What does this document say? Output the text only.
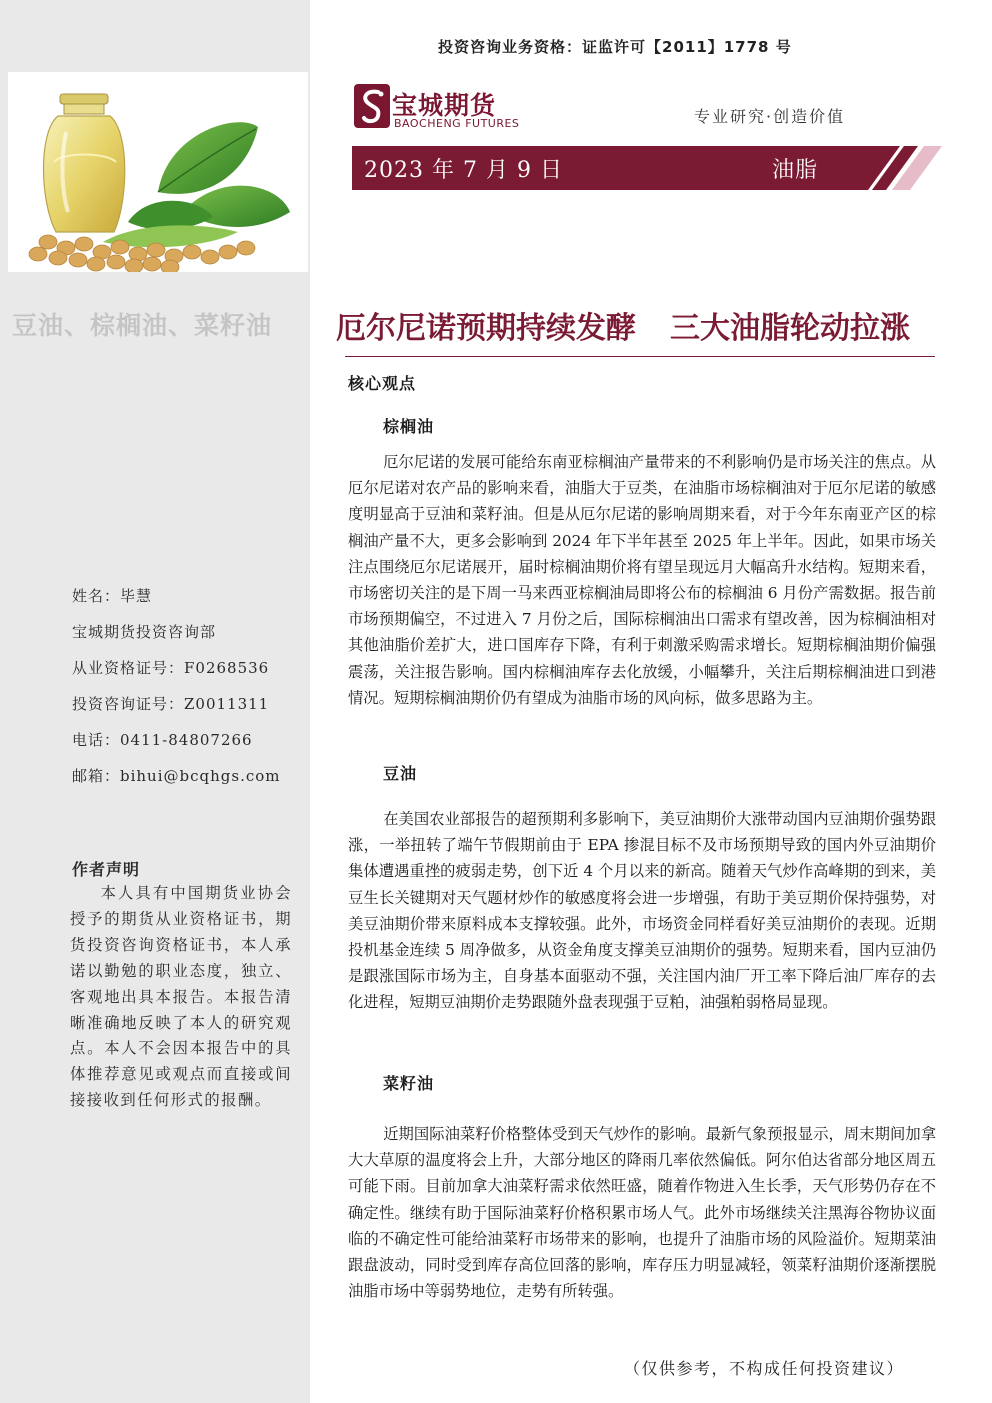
豆油、棕榈油、菜籽油
姓名：毕慧
宝城期货投资咨询部
从业资格证号：F0268536
投资咨询证号：Z0011311
电话：0411-84807266
邮箱：bihui@bcqhgs.com
作者声明
本人具有中国期货业协会授予的期货从业资格证书，期货投资咨询资格证书，本人承诺以勤勉的职业态度，独立、客观地出具本报告。本报告清晰准确地反映了本人的研究观点。本人不会因本报告中的具体推荐意见或观点而直接或间接接收到任何形式的报酬。
投资咨询业务资格：证监许可【2011】1778 号
宝城期货
BAOCHENG FUTURES	专业研究·创造价值
2023 年 7 月 9 日	油脂
厄尔尼诺预期持续发酵 三大油脂轮动拉涨
核心观点
棕榈油

厄尔尼诺的发展可能给东南亚棕榈油产量带来的不利影响仍是市场关注的焦点。从厄尔尼诺对农产品的影响来看，油脂大于豆类，在油脂市场棕榈油对于厄尔尼诺的敏感度明显高于豆油和菜籽油。但是从厄尔尼诺的影响周期来看，对于今年东南亚产区的棕榈油产量不大，更多会影响到 2024 年下半年甚至 2025 年上半年。因此，如果市场关注点围绕厄尔尼诺展开，届时棕榈油期价将有望呈现远月大幅高升水结构。短期来看，市场密切关注的是下周一马来西亚棕榈油局即将公布的棕榈油 6 月份产需数据。报告前市场预期偏空，不过进入 7 月份之后，国际棕榈油出口需求有望改善，因为棕榈油相对其他油脂价差扩大，进口国库存下降，有利于刺激采购需求增长。短期棕榈油期价偏强震荡，关注报告影响。国内棕榈油库存去化放缓，小幅攀升，关注后期棕榈油进口到港情况。短期棕榈油期价仍有望成为油脂市场的风向标，做多思路为主。

豆油

在美国农业部报告的超预期利多影响下，美豆油期价大涨带动国内豆油期价强势跟涨，一举扭转了端午节假期前由于 EPA 掺混目标不及市场预期导致的国内外豆油期价集体遭遇重挫的疲弱走势，创下近 4 个月以来的新高。随着天气炒作高峰期的到来，美豆生长关键期对天气题材炒作的敏感度将会进一步增强，有助于美豆期价保持强势，对美豆油期价带来原料成本支撑较强。此外，市场资金同样看好美豆油期价的表现。近期投机基金连续 5 周净做多，从资金角度支撑美豆油期价的强势。短期来看，国内豆油仍是跟涨国际市场为主，自身基本面驱动不强，关注国内油厂开工率下降后油厂库存的去化进程，短期豆油期价走势跟随外盘表现强于豆粕，油强粕弱格局显现。

菜籽油

近期国际油菜籽价格整体受到天气炒作的影响。最新气象预报显示，周末期间加拿大大草原的温度将会上升，大部分地区的降雨几率依然偏低。阿尔伯达省部分地区周五可能下雨。目前加拿大油菜籽需求依然旺盛，随着作物进入生长季，天气形势仍存在不确定性。继续有助于国际油菜籽价格积累市场人气。此外市场继续关注黑海谷物协议面临的不确定性可能给油菜籽市场带来的影响，也提升了油脂市场的风险溢价。短期菜油跟盘波动，同时受到库存高位回落的影响，库存压力明显减轻，领菜籽油期价逐渐摆脱油脂市场中等弱势地位，走势有所转强。

（仅供参考，不构成任何投资建议）
